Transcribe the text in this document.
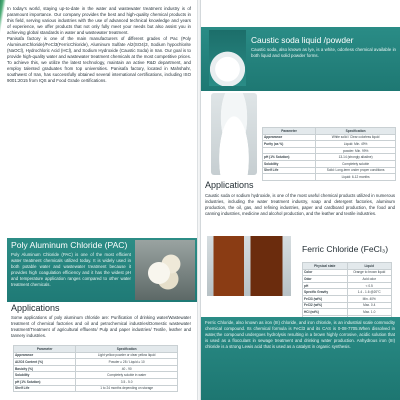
In today's world, staying up-to-date in the water and wastewater treatment industry is of paramount importance. Our company provides the best and high-quality chemical products in this field, serving various industries with the use of advanced technical knowledge and years of experience, we offer products that not only fully meet your needs but also assist you in achieving global standards in water and wastewater treatment.

Panisafa factory is one of the main manufacturers of different grades of Pac (Poly AluminumChloride)/FeCl3(FerricChloride), Aluminum Sulfate Al2(SO4)3, Sodium hypochlorite (NaOCl), Hydrochloric Acid (HCl), and Sodium Hydroxide (Caustic Soda) in Iran. Our goal is to provide high-quality water and wastewater treatment chemicals at the most competitive prices. To achieve this, we utilize the latest technology, maintain an active R&D department, and employ talented graduates from top universities. Panisafa factory, located in Mahshahr, southwest of Iran, has successfully obtained several international certifications, including ISO 9001:2015 from IQS and Food Grade certifications.

Poly Aluminum Chloride (PAC)

Poly Aluminum Chloride (PAC) is one of the most efficient water treatment chemicals utilized today. It is widely used in both potable water and wastewater treatment because it provides high coagulation efficiency and it has the widest pH and temperature application ranges compared to other water treatment chemicals.

Applications

Some applications of poly aluminum chloride are: Purification of drinking water/Wastewater treatment of chemical factories and oil and petrochemical industries/Domestic wastewater treatment/Treatment of agricultural effluents/ Pulp and paper industries/ Textile, leather and tannery industries.

Parameter	Specification
Appearance	Light yellow powder or clear yellow liquid
Al2O3 Content (%)	Powder ≥ 28 / Liquid ≥ 10
Basicity (%)	40 - 90
Solubility	Completely soluble in water
pH (1% Solution)	3.5 - 5.0
Shelf Life	1 to 24 months depending on storage
Caustic soda liquid /powder

Caustic soda, also known as lye, is a white, odorless chemical available in both liquid and solid powder forms.

Parameter	Specification
Appearance	White solid / Clear colorless liquid
Purity (as %)	Liquid: Min. 49%
	powder: Min. 99%
pH (1% Solution)	13-14 (strongly alkaline)
Solubility	Completely soluble
Shelf Life	Solid: Long-term under proper conditions
	Liquid: 6-12 months
Applications

Caustic soda or sodium hydroxide, is one of the most useful chemical products utilized in numerous industries, including the water treatment industry, soap and detergent factories, aluminum production, the oil, gas, and refining industries, paper and cardboard production, the food and canning industries, medicine and alcohol production, and the leather and textile industries.

Ferric Chloride (FeCl₃)
Physical state	Liquid
Color	Orange to brown liquid
Odor	Acid odor
pH	< 0.5
Specific Gravity	1.4 - 1.6 @20°C
FeCl3 (wt%)	Min. 40%
FeCl2 (wt%)	Max. 0.4
HCl (wt%)	Max. 1.0

Ferric Chloride, also known as iron (III) chloride, and iron chloride, is an industrial scale commodity chemical compound. Its chemical formula is FeCl3 and its CAS is 0-08-7705.When dissolved in water,the compound undergoes hydrolysis resulting in a brown highly corrosive, acidic solution that is used as a flocculant in sewage treatment and drinking water production. Anhydrous iron (III) chloride is a strong Lewis acid that is used as a catalyst in organic synthesis.
